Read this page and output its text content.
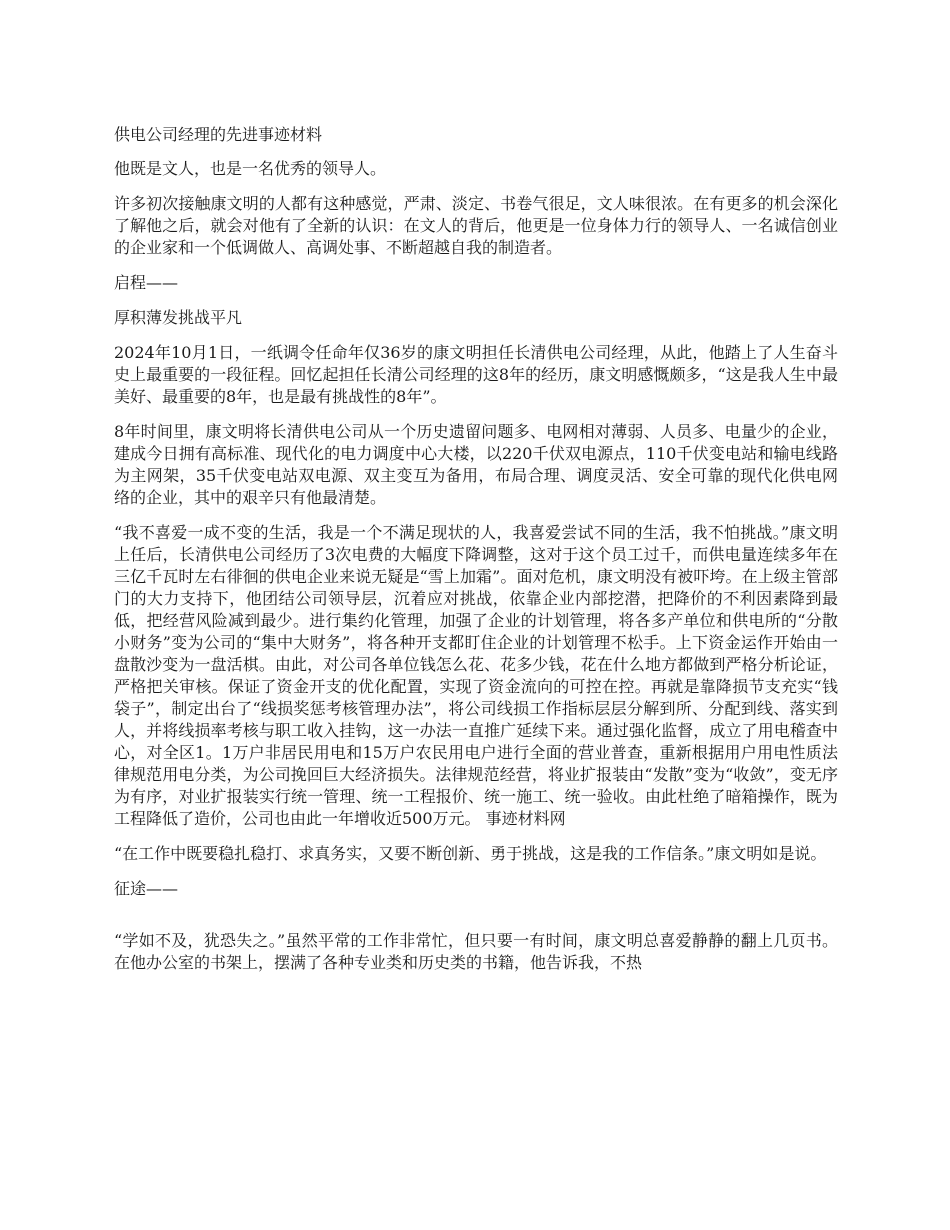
供电公司经理的先进事迹材料

他既是文人，也是一名优秀的领导人。

许多初次接触康文明的人都有这种感觉，严肃、淡定、书卷气很足，文人味很浓。在有更多的机会深化了解他之后，就会对他有了全新的认识：在文人的背后，他更是一位身体力行的领导人、一名诚信创业的企业家和一个低调做人、高调处事、不断超越自我的制造者。

启程——

厚积薄发挑战平凡

2024年10月1日，一纸调令任命年仅36岁的康文明担任长清供电公司经理，从此，他踏上了人生奋斗史上最重要的一段征程。回忆起担任长清公司经理的这8年的经历，康文明感慨颇多，“这是我人生中最美好、最重要的8年，也是最有挑战性的8年”。

8年时间里，康文明将长清供电公司从一个历史遗留问题多、电网相对薄弱、人员多、电量少的企业，建成今日拥有高标准、现代化的电力调度中心大楼，以220千伏双电源点，110千伏变电站和输电线路为主网架，35千伏变电站双电源、双主变互为备用，布局合理、调度灵活、安全可靠的现代化供电网络的企业，其中的艰辛只有他最清楚。

“我不喜爱一成不变的生活，我是一个不满足现状的人，我喜爱尝试不同的生活，我不怕挑战。”康文明上任后，长清供电公司经历了3次电费的大幅度下降调整，这对于这个员工过千，而供电量连续多年在三亿千瓦时左右徘徊的供电企业来说无疑是“雪上加霜”。面对危机，康文明没有被吓垮。在上级主管部门的大力支持下，他团结公司领导层，沉着应对挑战，依靠企业内部挖潜，把降价的不利因素降到最低，把经营风险减到最少。进行集约化管理，加强了企业的计划管理，将各多产单位和供电所的“分散小财务”变为公司的“集中大财务”，将各种开支都盯住企业的计划管理不松手。上下资金运作开始由一盘散沙变为一盘活棋。由此，对公司各单位钱怎么花、花多少钱，花在什么地方都做到严格分析论证，严格把关审核。保证了资金开支的优化配置，实现了资金流向的可控在控。再就是靠降损节支充实“钱袋子”，制定出台了“线损奖惩考核管理办法”，将公司线损工作指标层层分解到所、分配到线、落实到人，并将线损率考核与职工收入挂钩，这一办法一直推广延续下来。通过强化监督，成立了用电稽查中心，对全区1。1万户非居民用电和15万户农民用电户进行全面的营业普查，重新根据用户用电性质法律规范用电分类，为公司挽回巨大经济损失。法律规范经营，将业扩报装由“发散”变为“收敛”，变无序为有序，对业扩报装实行统一管理、统一工程报价、统一施工、统一验收。由此杜绝了暗箱操作，既为工程降低了造价，公司也由此一年增收近500万元。 事迹材料网

“在工作中既要稳扎稳打、求真务实，又要不断创新、勇于挑战，这是我的工作信条。”康文明如是说。

征途——

“学如不及，犹恐失之。”虽然平常的工作非常忙，但只要一有时间，康文明总喜爱静静的翻上几页书。在他办公室的书架上，摆满了各种专业类和历史类的书籍，他告诉我，不热
